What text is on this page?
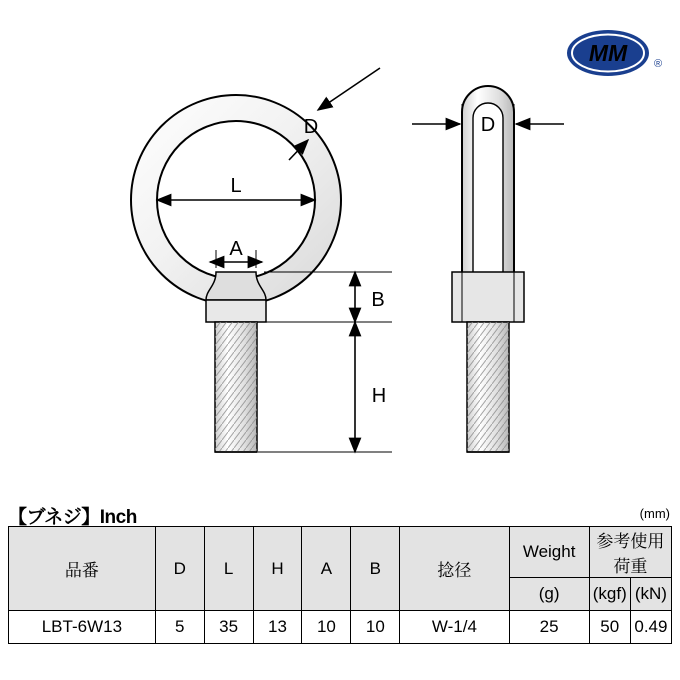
MM ®
D
L
A
B
H
D
【ブネジ】Inch	(mm)
品番	D	L	H	A	B	捻径	Weight	参考使用荷重	
							(g)	(kgf)	(kN)
LBT-6W13	5	35	13	10	10	W-1/4	25	50	0.49
